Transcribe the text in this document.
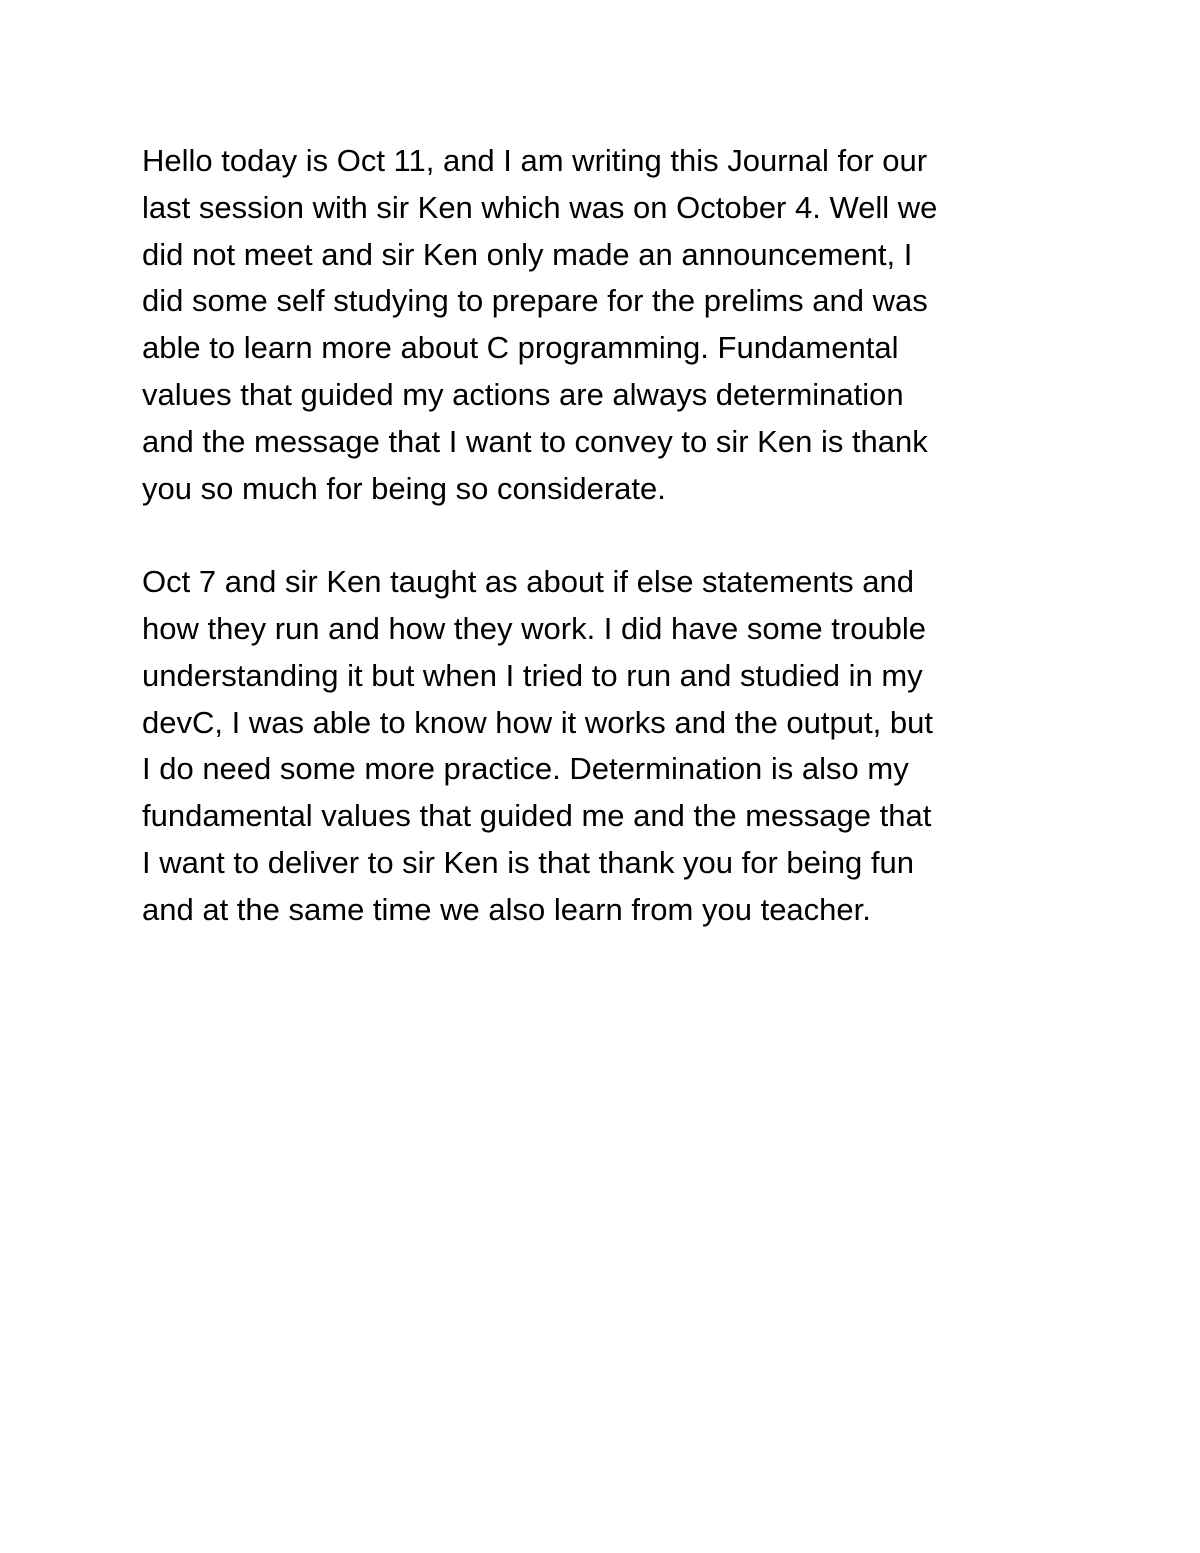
Hello today is Oct 11, and I am writing this Journal for our
last session with sir Ken which was on October 4. Well we
did not meet and sir Ken only made an announcement, I
did some self studying to prepare for the prelims and was
able to learn more about C programming. Fundamental
values that guided my actions are always determination
and the message that I want to convey to sir Ken is thank
you so much for being so considerate.
Oct 7 and sir Ken taught as about if else statements and
how they run and how they work. I did have some trouble
understanding it but when I tried to run and studied in my
devC, I was able to know how it works and the output, but
I do need some more practice. Determination is also my
fundamental values that guided me and the message that
I want to deliver to sir Ken is that thank you for being fun
and at the same time we also learn from you teacher.
